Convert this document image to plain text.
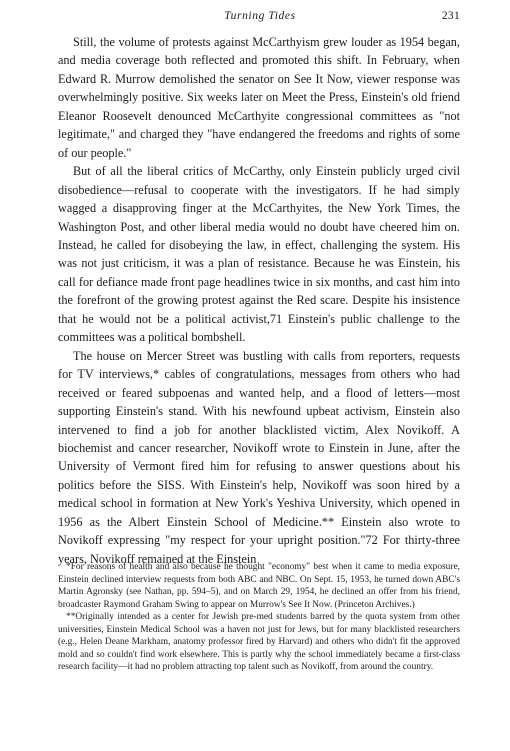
Turning Tides	231

Still, the volume of protests against McCarthyism grew louder as 1954 began, and media coverage both reflected and promoted this shift. In February, when Edward R. Murrow demolished the senator on See It Now, viewer response was overwhelmingly positive. Six weeks later on Meet the Press, Einstein's old friend Eleanor Roosevelt denounced McCarthyite congressional committees as "not legitimate," and charged they "have endangered the freedoms and rights of some of our people."

But of all the liberal critics of McCarthy, only Einstein publicly urged civil disobedience—refusal to cooperate with the investigators. If he had simply wagged a disapproving finger at the McCarthyites, the New York Times, the Washington Post, and other liberal media would no doubt have cheered him on. Instead, he called for disobeying the law, in effect, challenging the system. His was not just criticism, it was a plan of resistance. Because he was Einstein, his call for defiance made front page headlines twice in six months, and cast him into the forefront of the growing protest against the Red scare. Despite his insistence that he would not be a political activist,71 Einstein's public challenge to the committees was a political bombshell.

The house on Mercer Street was bustling with calls from reporters, requests for TV interviews,* cables of congratulations, messages from others who had received or feared subpoenas and wanted help, and a flood of letters—most supporting Einstein's stand. With his newfound upbeat activism, Einstein also intervened to find a job for another blacklisted victim, Alex Novikoff. A biochemist and cancer researcher, Novikoff wrote to Einstein in June, after the University of Vermont fired him for refusing to answer questions about his politics before the SISS. With Einstein's help, Novikoff was soon hired by a medical school in formation at New York's Yeshiva University, which opened in 1956 as the Albert Einstein School of Medicine.** Einstein also wrote to Novikoff expressing "my respect for your upright position."72 For thirty-three years, Novikoff remained at the Einstein

*For reasons of health and also because he thought "economy" best when it came to media exposure, Einstein declined interview requests from both ABC and NBC. On Sept. 15, 1953, he turned down ABC's Martin Agronsky (see Nathan, pp. 594–5), and on March 29, 1954, he declined an offer from his friend, broadcaster Raymond Graham Swing to appear on Murrow's See It Now. (Princeton Archives.)

**Originally intended as a center for Jewish pre-med students barred by the quota system from other universities, Einstein Medical School was a haven not just for Jews, but for many blacklisted researchers (e.g., Helen Deane Markham, anatomy professor fired by Harvard) and others who didn't fit the approved mold and so couldn't find work elsewhere. This is partly why the school immediately became a first-class research facility—it had no problem attracting top talent such as Novikoff, from around the country.
